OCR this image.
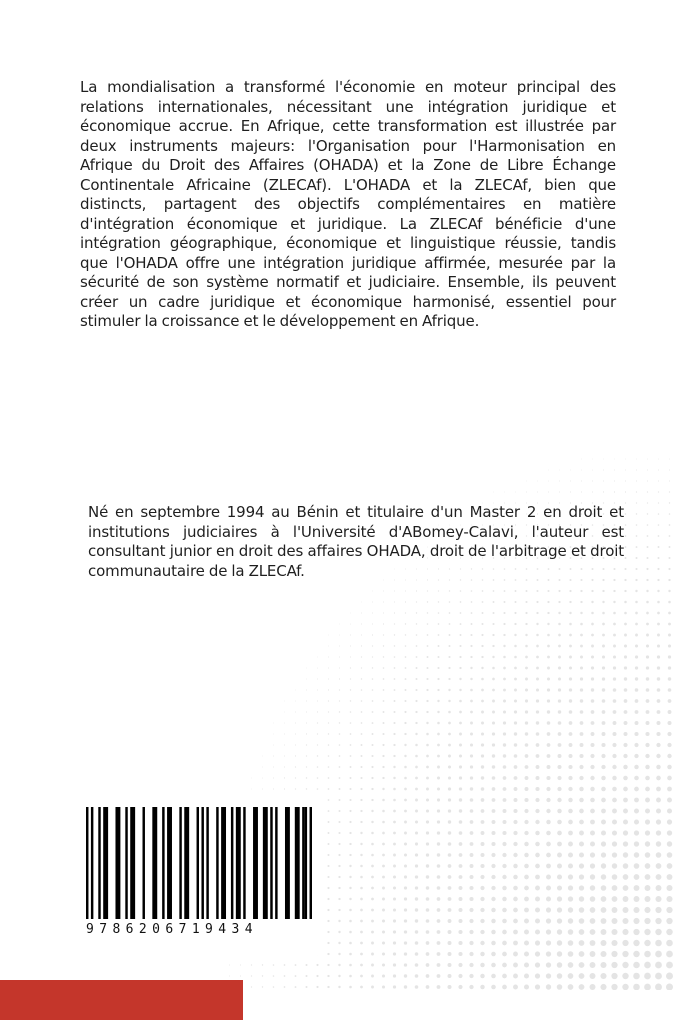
La mondialisation a transformé l'économie en moteur principal des relations internationales, nécessitant une intégration juridique et économique accrue. En Afrique, cette transformation est illustrée par deux instruments majeurs: l'Organisation pour l'Harmonisation en Afrique du Droit des Affaires (OHADA) et la Zone de Libre Échange Continentale Africaine (ZLECAf). L'OHADA et la ZLECAf, bien que distincts, partagent des objectifs complémentaires en matière d'intégration économique et juridique. La ZLECAf bénéficie d'une intégration géographique, économique et linguistique réussie, tandis que l'OHADA offre une intégration juridique affirmée, mesurée par la sécurité de son système normatif et judiciaire. Ensemble, ils peuvent créer un cadre juridique et économique harmonisé, essentiel pour stimuler la croissance et le développement en Afrique.

Né en septembre 1994 au Bénin et titulaire d'un Master 2 en droit et institutions judiciaires à l'Université d'ABomey-Calavi, l'auteur est consultant junior en droit des affaires OHADA, droit de l'arbitrage et droit communautaire de la ZLECAf.

9786206719434
